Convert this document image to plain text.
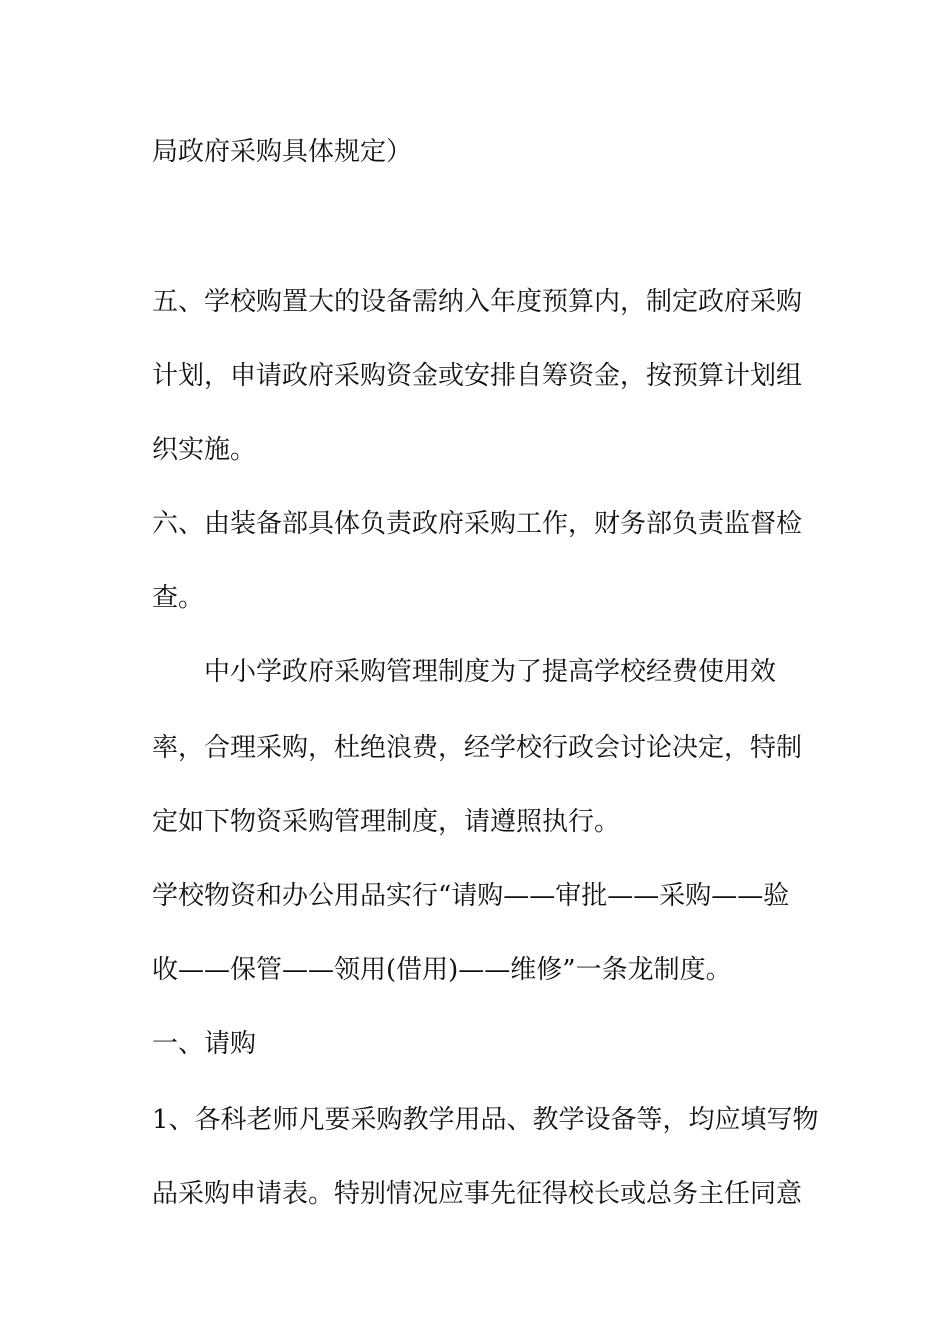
局政府采购具体规定）
五、学校购置大的设备需纳入年度预算内，制定政府采购
计划，申请政府采购资金或安排自筹资金，按预算计划组
织实施。
六、由装备部具体负责政府采购工作，财务部负责监督检
查。
中小学政府采购管理制度为了提高学校经费使用效
率，合理采购，杜绝浪费，经学校行政会讨论决定，特制
定如下物资采购管理制度，请遵照执行。
学校物资和办公用品实行“请购——审批——采购——验
收——保管——领用(借用)——维修”一条龙制度。
一、请购
1、各科老师凡要采购教学用品、教学设备等，均应填写物
品采购申请表。特别情况应事先征得校长或总务主任同意
